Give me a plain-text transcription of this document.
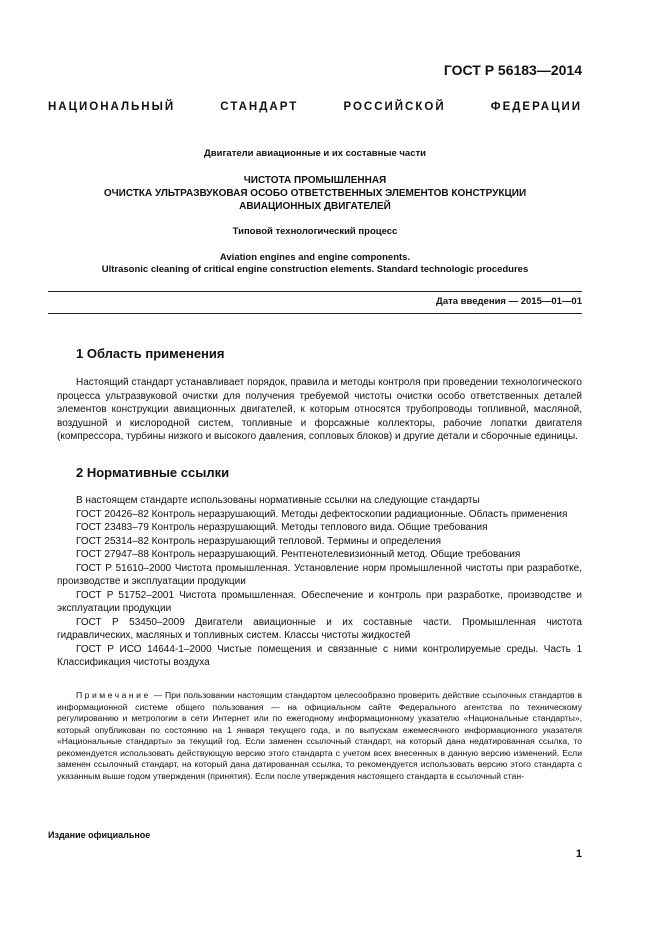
ГОСТ Р 56183—2014
НАЦИОНАЛЬНЫЙ СТАНДАРТ РОССИЙСКОЙ ФЕДЕРАЦИИ
Двигатели авиационные и их составные части
ЧИСТОТА ПРОМЫШЛЕННАЯ
ОЧИСТКА УЛЬТРАЗВУКОВАЯ ОСОБО ОТВЕТСТВЕННЫХ ЭЛЕМЕНТОВ КОНСТРУКЦИИ
АВИАЦИОННЫХ ДВИГАТЕЛЕЙ
Типовой технологический процесс
Aviation engines and engine components.
Ultrasonic cleaning of critical engine construction elements. Standard technologic procedures
Дата введения — 2015—01—01
1 Область применения

Настоящий стандарт устанавливает порядок, правила и методы контроля при проведении технологического процесса ультразвуковой очистки для получения требуемой чистоты очистки особо ответственных деталей элементов конструкции авиационных двигателей, к которым относятся трубопроводы топливной, масляной, воздушной и кислородной систем, топливные и форсажные коллекторы, рабочие лопатки двигателя (компрессора, турбины низкого и высокого давления, сопловых блоков) и другие детали и сборочные единицы.

2 Нормативные ссылки

В настоящем стандарте использованы нормативные ссылки на следующие стандарты

ГОСТ 20426–82 Контроль неразрушающий. Методы дефектоскопии радиационные. Область применения

ГОСТ 23483–79 Контроль неразрушающий. Методы теплового вида. Общие требования

ГОСТ 25314–82 Контроль неразрушающий тепловой. Термины и определения

ГОСТ 27947–88 Контроль неразрушающий. Рентгенотелевизионный метод. Общие требования

ГОСТ Р 51610–2000 Чистота промышленная. Установление норм промышленной чистоты при разработке, производстве и эксплуатации продукции

ГОСТ Р 51752–2001 Чистота промышленная. Обеспечение и контроль при разработке, производстве и эксплуатации продукции

ГОСТ Р 53450–2009 Двигатели авиационные и их составные части. Промышленная чистота гидравлических, масляных и топливных систем. Классы чистоты жидкостей

ГОСТ Р ИСО 14644-1–2000 Чистые помещения и связанные с ними контролируемые среды. Часть 1 Классификация чистоты воздуха

Примечание — При пользовании настоящим стандартом целесообразно проверить действие ссылочных стандартов в информационной системе общего пользования — на официальном сайте Федерального агентства по техническому регулированию и метрологии в сети Интернет или по ежегодному информационному указателю «Национальные стандарты», который опубликован по состоянию на 1 января текущего года, и по выпускам ежемесячного информационного указателя «Национальные стандарты» за текущий год. Если заменен ссылочный стандарт, на который дана недатированная ссылка, то рекомендуется использовать действующую версию этого стандарта с учетом всех внесенных в данную версию изменений. Если заменен ссылочный стандарт, на который дана датированная ссылка, то рекомендуется использовать версию этого стандарта с указанным выше годом утверждения (принятия). Если после утверждения настоящего стандарта в ссылочный стан-

Издание официальное
1
